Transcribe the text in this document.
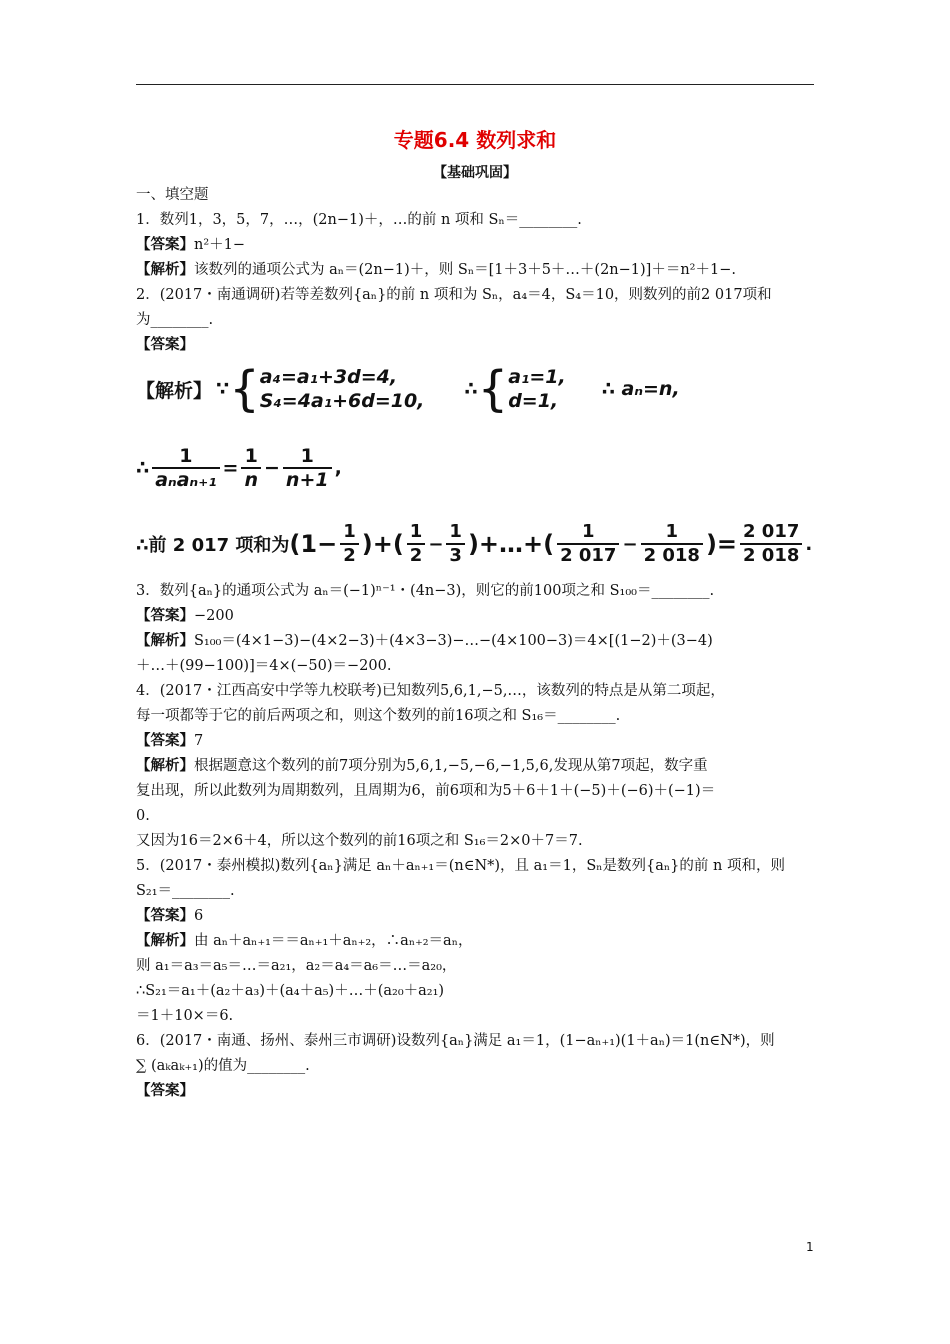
专题6.4 数列求和
【基础巩固】
一、填空题
1．数列1，3，5，7，…，(2n−1)＋，…的前 n 项和 Sₙ＝________.
【答案】n²＋1−
【解析】该数列的通项公式为 aₙ＝(2n−1)＋，则 Sₙ＝[1＋3＋5＋…＋(2n−1)]＋＝n²＋1−.
2．(2017・南通调研)若等差数列{aₙ}的前 n 项和为 Sₙ，a₄＝4，S₄＝10，则数列的前2 017项和
为________.
【答案】
【解析】 ∵ { a₄=a₁+3d=4,
S₄=4a₁+6d=10,
∴ { a₁=1,
d=1,
∴ aₙ=n,
∴ $\frac{1}{\text{aₙaₙ₊₁}} = \frac{1}{n} - \frac{1}{n+1}$ ,
∴前 2 017 项和为 ($1- \frac{1}{2}$ )+ ( $\frac{1}{2} - \frac{1}{3}$ )+…+ ( $\frac{1}{2 017} - \frac{1}{2 018}$ )= $\frac{2 017}{2 018}$ .
3．数列{aₙ}的通项公式为 aₙ＝(−1)ⁿ⁻¹・(4n−3)，则它的前100项之和 S₁₀₀＝________.
【答案】−200
【解析】S₁₀₀＝(4×1−3)−(4×2−3)＋(4×3−3)−…−(4×100−3)＝4×[(1−2)＋(3−4)
＋…＋(99−100)]＝4×(−50)＝−200.
4．(2017・江西高安中学等九校联考)已知数列5,6,1,−5,…，该数列的特点是从第二项起，
每一项都等于它的前后两项之和，则这个数列的前16项之和 S₁₆＝________.
【答案】7
【解析】根据题意这个数列的前7项分别为5,6,1,−5,−6,−1,5,6,发现从第7项起，数字重
复出现，所以此数列为周期数列，且周期为6，前6项和为5＋6＋1＋(−5)＋(−6)＋(−1)＝
0.
又因为16＝2×6＋4，所以这个数列的前16项之和 S₁₆＝2×0＋7＝7.
5．(2017・泰州模拟)数列{aₙ}满足 aₙ＋aₙ₊₁＝(n∈N*)，且 a₁＝1，Sₙ是数列{aₙ}的前 n 项和，则
S₂₁＝________.
【答案】6
【解析】由 aₙ＋aₙ₊₁＝＝aₙ₊₁＋aₙ₊₂，∴aₙ₊₂＝aₙ，
则 a₁＝a₃＝a₅＝…＝a₂₁，a₂＝a₄＝a₆＝…＝a₂₀，
∴S₂₁＝a₁＋(a₂＋a₃)＋(a₄＋a₅)＋…＋(a₂₀＋a₂₁)
＝1＋10×＝6.
6．(2017・南通、扬州、泰州三市调研)设数列{aₙ}满足 a₁＝1，(1−aₙ₊₁)(1＋aₙ)＝1(n∈N*)，则
∑ (aₖaₖ₊₁)的值为________.
【答案】
1
